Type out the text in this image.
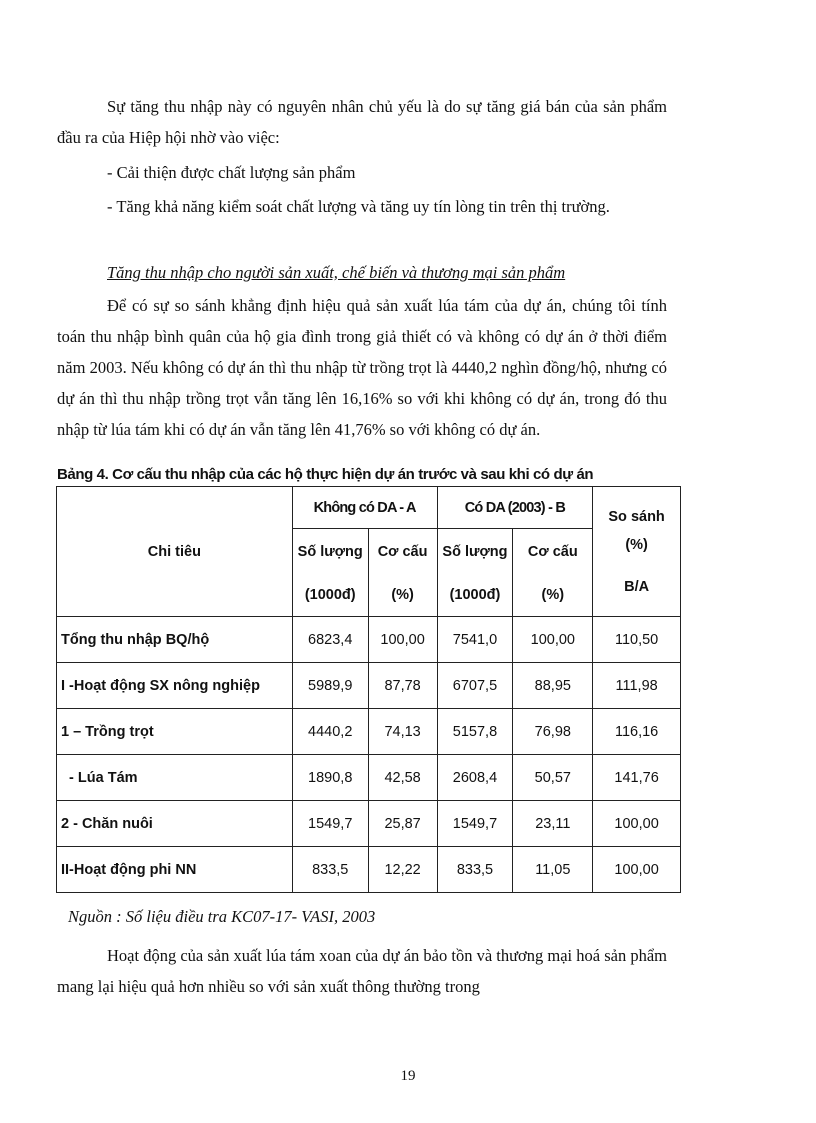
Sự tăng thu nhập này có nguyên nhân chủ yếu là do sự tăng giá bán của sản phẩm đầu ra của Hiệp hội nhờ vào việc:

- Cải thiện được chất lượng sản phẩm

- Tăng khả năng kiểm soát chất lượng và tăng uy tín lòng tin trên thị trường.

Tăng thu nhập cho người sản xuất, chế biến và thương mại sản phẩm

Để có sự so sánh khẳng định hiệu quả sản xuất lúa tám của dự án, chúng tôi tính toán thu nhập bình quân của hộ gia đình trong giả thiết có và không có dự án ở thời điểm năm 2003. Nếu không có dự án thì thu nhập từ trồng trọt là 4440,2 nghìn đồng/hộ, nhưng có dự án thì thu nhập trồng trọt vẫn tăng lên 16,16% so với khi không có dự án, trong đó thu nhập từ lúa tám khi có dự án vẫn tăng lên 41,76% so với không có dự án.

Bảng 4. Cơ cấu thu nhập của các hộ thực hiện dự án trước và sau khi có dự án

Chi tiêu	Không có DA - A		Có DA (2003) - B		So sánh
(%)
B/A

	Số lượng	Cơ cấu	Số lượng	Cơ cấu	
	(1000đ)	(%)	(1000đ)	(%)	
Tổng thu nhập BQ/hộ	6823,4	100,00	7541,0	100,00	110,50
I -Hoạt động SX nông nghiệp	5989,9	87,78	6707,5	88,95	111,98
1 – Trồng trọt	4440,2	74,13	5157,8	76,98	116,16
- Lúa Tám	1890,8	42,58	2608,4	50,57	141,76
2 - Chăn nuôi	1549,7	25,87	1549,7	23,11	100,00
II-Hoạt động phi NN	833,5	12,22	833,5	11,05	100,00
Nguồn : Số liệu điều tra KC07-17- VASI, 2003

Hoạt động của sản xuất lúa tám xoan của dự án bảo tồn và thương mại hoá sản phẩm mang lại hiệu quả hơn nhiều so với sản xuất thông thường trong

19
